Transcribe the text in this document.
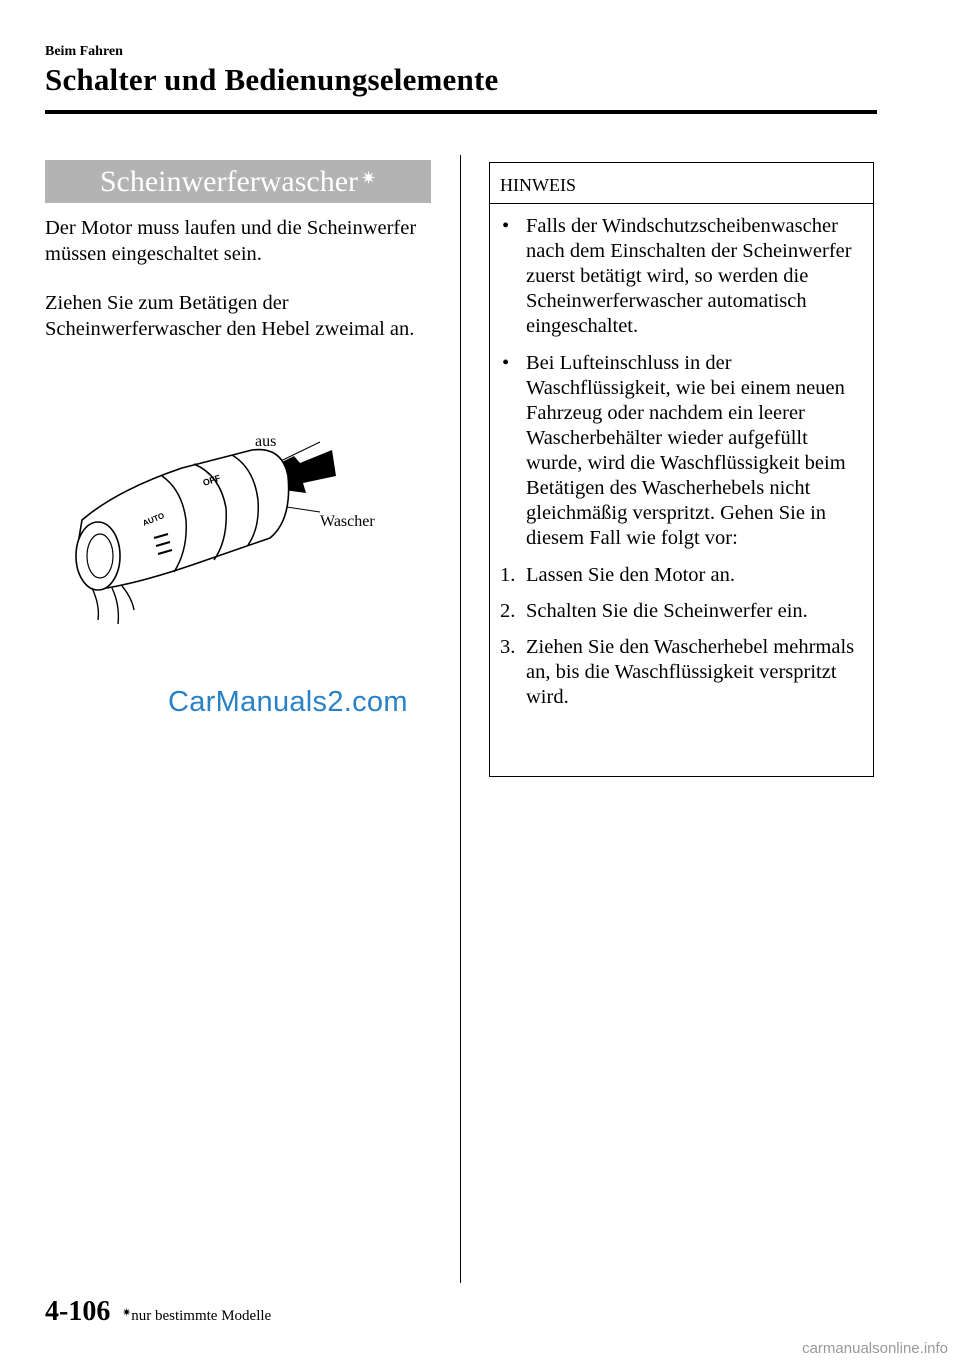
Beim Fahren
Schalter und Bedienungselemente
Scheinwerferwascher ✷

Der Motor muss laufen und die Scheinwerfer müssen eingeschaltet sein.

Ziehen Sie zum Betätigen der Scheinwerferwascher den Hebel zweimal an.

aus
Wascher
OFF
AUTO
CarManuals2.com
HINWEIS
• Falls der Windschutzscheibenwascher nach dem Einschalten der Scheinwerfer zuerst betätigt wird, so werden die Scheinwerferwascher automatisch eingeschaltet.
• Bei Lufteinschluss in der Waschflüssigkeit, wie bei einem neuen Fahrzeug oder nachdem ein leerer Wascherbehälter wieder aufgefüllt wurde, wird die Waschflüssigkeit beim Betätigen des Wascherhebels nicht gleichmäßig verspritzt. Gehen Sie in diesem Fall wie folgt vor:
1. Lassen Sie den Motor an.
2. Schalten Sie die Scheinwerfer ein.
3. Ziehen Sie den Wascherhebel mehrmals an, bis die Waschflüssigkeit verspritzt wird.
4-106 ✷nur bestimmte Modelle
carmanualsonline.info
